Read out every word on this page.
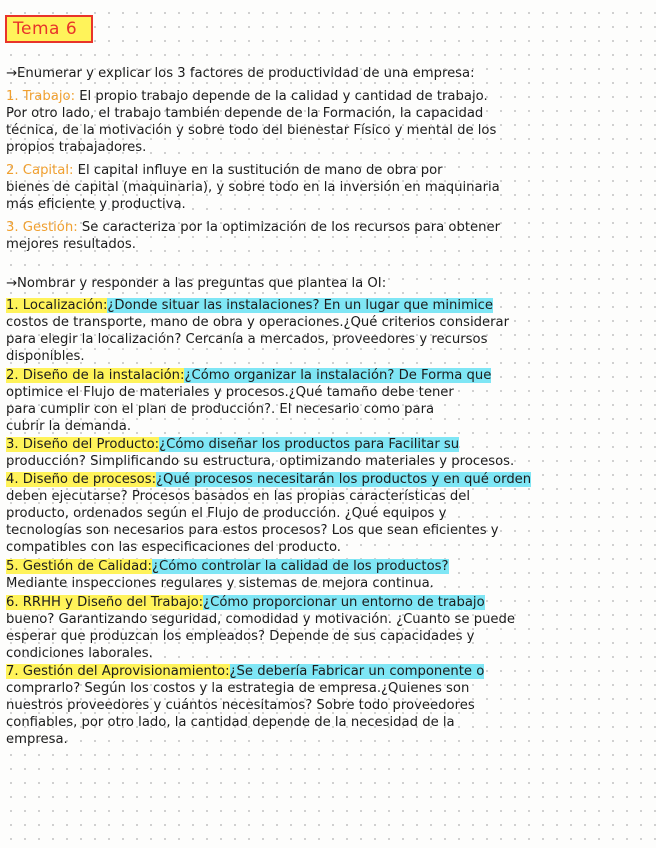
Tema 6
→Enumerar y explicar los 3 factores de productividad de una empresa:
1. Trabajo: El propio trabajo depende de la calidad y cantidad de trabajo.
Por otro lado, el trabajo también depende de la Formación, la capacidad
técnica, de la motivación y sobre todo del bienestar Físico y mental de los
propios trabajadores.
2. Capital: El capital influye en la sustitución de mano de obra por
bienes de capital (maquinaria), y sobre todo en la inversión en maquinaria
más eficiente y productiva.
3. Gestión: Se caracteriza por la optimización de los recursos para obtener
mejores resultados.
→Nombrar y responder a las preguntas que plantea la OI:
1. Localización:¿Donde situar las instalaciones? En un lugar que minimice
costos de transporte, mano de obra y operaciones.¿Qué criterios considerar
para elegir la localización? Cercanía a mercados, proveedores y recursos
disponibles.
2. Diseño de la instalación:¿Cómo organizar la instalación? De Forma que
optimice el Flujo de materiales y procesos.¿Qué tamaño debe tener
para cumplir con el plan de producción?. El necesario como para
cubrir la demanda.
3. Diseño del Producto:¿Cómo diseñar los productos para Facilitar su
producción? Simplificando su estructura, optimizando materiales y procesos.
4. Diseño de procesos:¿Qué procesos necesitarán los productos y en qué orden
deben ejecutarse? Procesos basados en las propias características del
producto, ordenados según el Flujo de producción. ¿Qué equipos y
tecnologías son necesarios para estos procesos? Los que sean eficientes y
compatibles con las especificaciones del producto.
5. Gestión de Calidad:¿Cómo controlar la calidad de los productos?
Mediante inspecciones regulares y sistemas de mejora continua.
6. RRHH y Diseño del Trabajo:¿Cómo proporcionar un entorno de trabajo
bueno? Garantizando seguridad, comodidad y motivación. ¿Cuanto se puede
esperar que produzcan los empleados? Depende de sus capacidades y
condiciones laborales.
7. Gestión del Aprovisionamiento:¿Se debería Fabricar un componente o
comprarlo? Según los costos y la estrategia de empresa.¿Quienes son
nuestros proveedores y cuántos necesitamos? Sobre todo proveedores
confiables, por otro lado, la cantidad depende de la necesidad de la
empresa.
